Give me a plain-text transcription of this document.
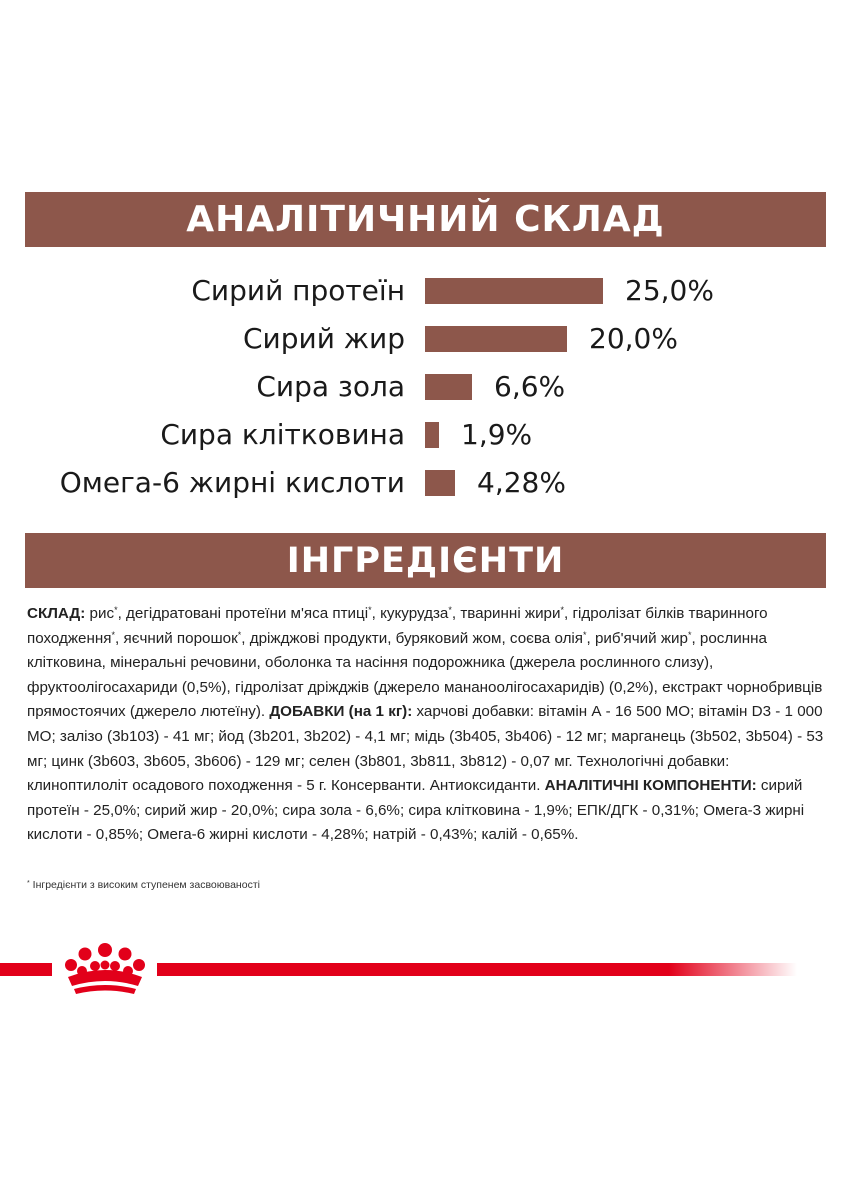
АНАЛІТИЧНИЙ СКЛАД
Сирий протеїн	25,0%
Сирий жир	20,0%
Сира зола	6,6%
Сира клітковина 1,9%
Омега-6 жирні кислоти	4,28%
ІНГРЕДІЄНТИ
СКЛАД: рис*, дегідратовані протеїни м'яса птиці*, кукурудза*, тваринні жири*, гідролізат білків тваринного походження*, яєчний порошок*, дріжджові продукти, буряковий жом, соєва олія*, риб'ячий жир*, рослинна клітковина, мінеральні речовини, оболонка та насіння подорожника (джерела рослинного слизу), фруктоолігосахариди (0,5%), гідролізат дріжджів (джерело мананоолігосахаридів) (0,2%), екстракт чорнобривців прямостоячих (джерело лютеїну). ДОБАВКИ (на 1 кг): харчові добавки: вітамін А - 16 500 МО; вітамін D3 - 1 000 МО; залізо (3b103) - 41 мг; йод (3b201, 3b202) - 4,1 мг; мідь (3b405, 3b406) - 12 мг; марганець (3b502, 3b504) - 53 мг; цинк (3b603, 3b605, 3b606) - 129 мг; селен (3b801, 3b811, 3b812) - 0,07 мг. Технологічні добавки: клиноптилоліт осадового походження - 5 г. Консерванти. Антиоксиданти. АНАЛІТИЧНІ КОМПОНЕНТИ: сирий протеїн - 25,0%; сирий жир - 20,0%; сира зола - 6,6%; сира клітковина - 1,9%; ЕПК/ДГК - 0,31%; Омега-3 жирні кислоти - 0,85%; Омега-6 жирні кислоти - 4,28%; натрій - 0,43%; калій - 0,65%.
* Інгредієнти з високим ступенем засвоюваності
